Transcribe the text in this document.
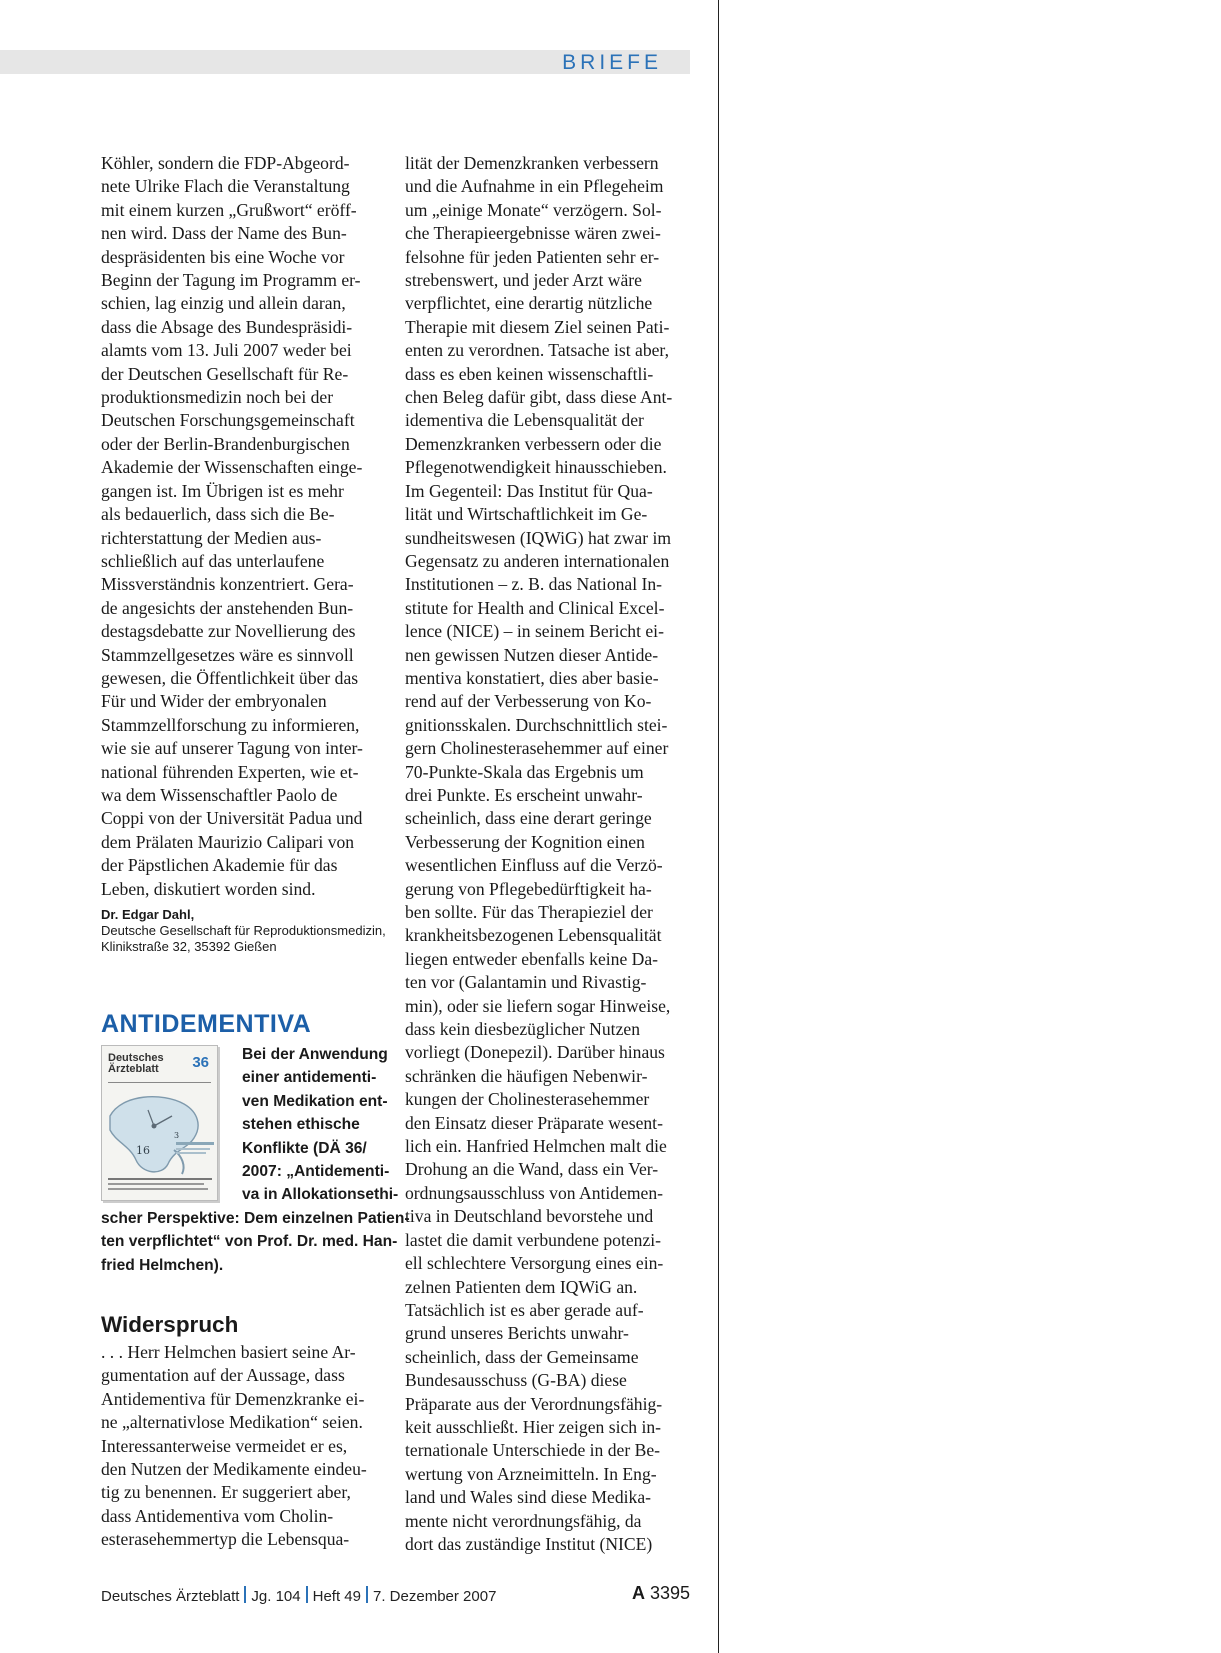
BRIEFE
Köhler, sondern die FDP-Abgeord-
nete Ulrike Flach die Veranstaltung
mit einem kurzen „Grußwort“ eröff-
nen wird. Dass der Name des Bun-
despräsidenten bis eine Woche vor
Beginn der Tagung im Programm er-
schien, lag einzig und allein daran,
dass die Absage des Bundespräsidi-
alamts vom 13. Juli 2007 weder bei
der Deutschen Gesellschaft für Re-
produktionsmedizin noch bei der
Deutschen Forschungsgemeinschaft
oder der Berlin-Brandenburgischen
Akademie der Wissenschaften einge-
gangen ist. Im Übrigen ist es mehr
als bedauerlich, dass sich die Be-
richterstattung der Medien aus-
schließlich auf das unterlaufene
Missverständnis konzentriert. Gera-
de angesichts der anstehenden Bun-
destagsdebatte zur Novellierung des
Stammzellgesetzes wäre es sinnvoll
gewesen, die Öffentlichkeit über das
Für und Wider der embryonalen
Stammzellforschung zu informieren,
wie sie auf unserer Tagung von inter-
national führenden Experten, wie et-
wa dem Wissenschaftler Paolo de
Coppi von der Universität Padua und
dem Prälaten Maurizio Calipari von
der Päpstlichen Akademie für das
Leben, diskutiert worden sind.
Dr. Edgar Dahl,
Deutsche Gesellschaft für Reproduktionsmedizin,
Klinikstraße 32, 35392 Gießen
ANTIDEMENTIVA
Deutsches
Ärzteblatt	36
16
3
Bei der Anwendung
einer antidementi-
ven Medikation ent-
stehen ethische
Konflikte (DÄ 36/
2007: „Antidementi-
va in Allokationsethi-
scher Perspektive: Dem einzelnen Patien-
ten verpflichtet“ von Prof. Dr. med. Han-
fried Helmchen).
Widerspruch
. . . Herr Helmchen basiert seine Ar-
gumentation auf der Aussage, dass
Antidementiva für Demenzkranke ei-
ne „alternativlose Medikation“ seien.
Interessanterweise vermeidet er es,
den Nutzen der Medikamente eindeu-
tig zu benennen. Er suggeriert aber,
dass Antidementiva vom Cholin-
esterasehemmertyp die Lebensqua-
lität der Demenzkranken verbessern
und die Aufnahme in ein Pflegeheim
um „einige Monate“ verzögern. Sol-
che Therapieergebnisse wären zwei-
felsohne für jeden Patienten sehr er-
strebenswert, und jeder Arzt wäre
verpflichtet, eine derartig nützliche
Therapie mit diesem Ziel seinen Pati-
enten zu verordnen. Tatsache ist aber,
dass es eben keinen wissenschaftli-
chen Beleg dafür gibt, dass diese Ant-
idementiva die Lebensqualität der
Demenzkranken verbessern oder die
Pflegenotwendigkeit hinausschieben.
Im Gegenteil: Das Institut für Qua-
lität und Wirtschaftlichkeit im Ge-
sundheitswesen (IQWiG) hat zwar im
Gegensatz zu anderen internationalen
Institutionen – z. B. das National In-
stitute for Health and Clinical Excel-
lence (NICE) – in seinem Bericht ei-
nen gewissen Nutzen dieser Antide-
mentiva konstatiert, dies aber basie-
rend auf der Verbesserung von Ko-
gnitionsskalen. Durchschnittlich stei-
gern Cholinesterasehemmer auf einer
70-Punkte-Skala das Ergebnis um
drei Punkte. Es erscheint unwahr-
scheinlich, dass eine derart geringe
Verbesserung der Kognition einen
wesentlichen Einfluss auf die Verzö-
gerung von Pflegebedürftigkeit ha-
ben sollte. Für das Therapieziel der
krankheitsbezogenen Lebensqualität
liegen entweder ebenfalls keine Da-
ten vor (Galantamin und Rivastig-
min), oder sie liefern sogar Hinweise,
dass kein diesbezüglicher Nutzen
vorliegt (Donepezil). Darüber hinaus
schränken die häufigen Nebenwir-
kungen der Cholinesterasehemmer
den Einsatz dieser Präparate wesent-
lich ein. Hanfried Helmchen malt die
Drohung an die Wand, dass ein Ver-
ordnungsausschluss von Antidemen-
tiva in Deutschland bevorstehe und
lastet die damit verbundene potenzi-
ell schlechtere Versorgung eines ein-
zelnen Patienten dem IQWiG an.
Tatsächlich ist es aber gerade auf-
grund unseres Berichts unwahr-
scheinlich, dass der Gemeinsame
Bundesausschuss (G-BA) diese
Präparate aus der Verordnungsfähig-
keit ausschließt. Hier zeigen sich in-
ternationale Unterschiede in der Be-
wertung von Arzneimitteln. In Eng-
land und Wales sind diese Medika-
mente nicht verordnungsfähig, da
dort das zuständige Institut (NICE)
Deutsches Ärzteblatt Jg. 104 Heft 49 7. Dezember 2007	A 3395
